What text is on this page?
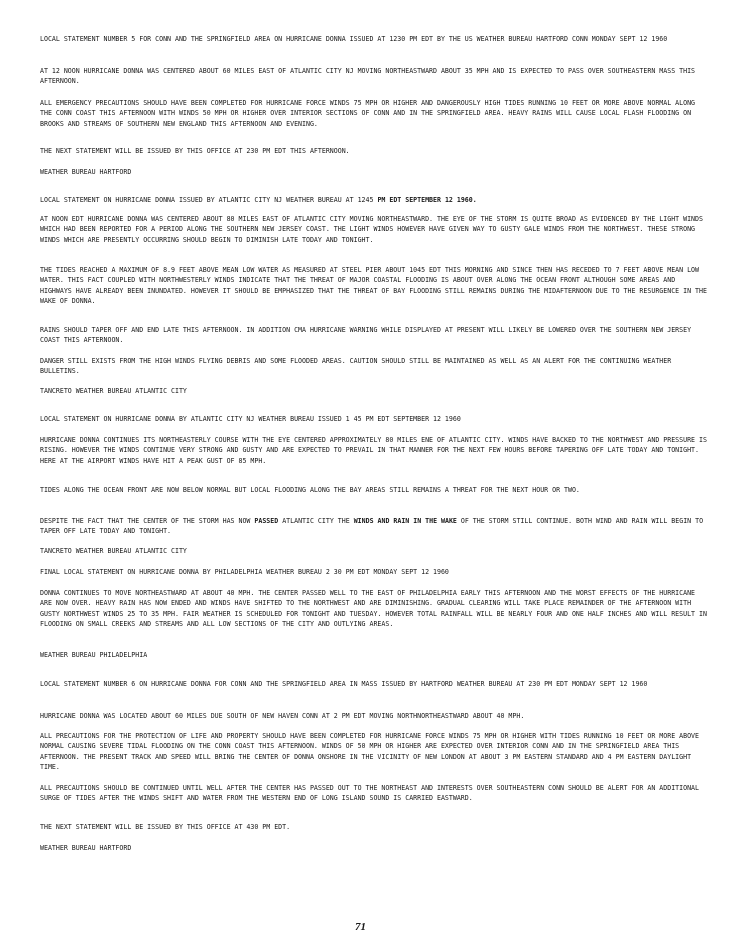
LOCAL STATEMENT NUMBER 5 FOR CONN AND THE SPRINGFIELD AREA ON HURRICANE DONNA ISSUED AT 1230 PM EDT BY THE US WEATHER BUREAU HARTFORD CONN MONDAY SEPT 12 1960

AT 12 NOON HURRICANE DONNA WAS CENTERED ABOUT 60 MILES EAST OF ATLANTIC CITY NJ MOVING NORTHEASTWARD ABOUT 35 MPH AND IS EXPECTED TO PASS OVER SOUTHEASTERN MASS THIS AFTERNOON.

ALL EMERGENCY PRECAUTIONS SHOULD HAVE BEEN COMPLETED FOR HURRICANE FORCE WINDS 75 MPH OR HIGHER AND DANGEROUSLY HIGH TIDES RUNNING 10 FEET OR MORE ABOVE NORMAL ALONG THE CONN COAST THIS AFTERNOON WITH WINDS 50 MPH OR HIGHER OVER INTERIOR SECTIONS OF CONN AND IN THE SPRINGFIELD AREA. HEAVY RAINS WILL CAUSE LOCAL FLASH FLOODING ON BROOKS AND STREAMS OF SOUTHERN NEW ENGLAND THIS AFTERNOON AND EVENING.

THE NEXT STATEMENT WILL BE ISSUED BY THIS OFFICE AT 230 PM EDT THIS AFTERNOON.

WEATHER BUREAU HARTFORD

LOCAL STATEMENT ON HURRICANE DONNA ISSUED BY ATLANTIC CITY NJ WEATHER BUREAU AT 1245 PM EDT SEPTEMBER 12 1960.

AT NOON EDT HURRICANE DONNA WAS CENTERED ABOUT 80 MILES EAST OF ATLANTIC CITY MOVING NORTHEASTWARD. THE EYE OF THE STORM IS QUITE BROAD AS EVIDENCED BY THE LIGHT WINDS WHICH HAD BEEN REPORTED FOR A PERIOD ALONG THE SOUTHERN NEW JERSEY COAST. THE LIGHT WINDS HOWEVER HAVE GIVEN WAY TO GUSTY GALE WINDS FROM THE NORTHWEST. THESE STRONG WINDS WHICH ARE PRESENTLY OCCURRING SHOULD BEGIN TO DIMINISH LATE TODAY AND TONIGHT.

THE TIDES REACHED A MAXIMUM OF 8.9 FEET ABOVE MEAN LOW WATER AS MEASURED AT STEEL PIER ABOUT 1045 EDT THIS MORNING AND SINCE THEN HAS RECEDED TO 7 FEET ABOVE MEAN LOW WATER. THIS FACT COUPLED WITH NORTHWESTERLY WINDS INDICATE THAT THE THREAT OF MAJOR COASTAL FLOODING IS ABOUT OVER ALONG THE OCEAN FRONT ALTHOUGH SOME AREAS AND HIGHWAYS HAVE ALREADY BEEN INUNDATED. HOWEVER IT SHOULD BE EMPHASIZED THAT THE THREAT OF BAY FLOODING STILL REMAINS DURING THE MIDAFTERNOON DUE TO THE RESURGENCE IN THE WAKE OF DONNA.

RAINS SHOULD TAPER OFF AND END LATE THIS AFTERNOON. IN ADDITION CMA HURRICANE WARNING WHILE DISPLAYED AT PRESENT WILL LIKELY BE LOWERED OVER THE SOUTHERN NEW JERSEY COAST THIS AFTERNOON.

DANGER STILL EXISTS FROM THE HIGH WINDS FLYING DEBRIS AND SOME FLOODED AREAS. CAUTION SHOULD STILL BE MAINTAINED AS WELL AS AN ALERT FOR THE CONTINUING WEATHER BULLETINS.

TANCRETO WEATHER BUREAU ATLANTIC CITY

LOCAL STATEMENT ON HURRICANE DONNA BY ATLANTIC CITY NJ WEATHER BUREAU ISSUED 1 45 PM EDT SEPTEMBER 12 1960

HURRICANE DONNA CONTINUES ITS NORTHEASTERLY COURSE WITH THE EYE CENTERED APPROXIMATELY 80 MILES ENE OF ATLANTIC CITY. WINDS HAVE BACKED TO THE NORTHWEST AND PRESSURE IS RISING. HOWEVER THE WINDS CONTINUE VERY STRONG AND GUSTY AND ARE EXPECTED TO PREVAIL IN THAT MANNER FOR THE NEXT FEW HOURS BEFORE TAPERING OFF LATE TODAY AND TONIGHT. HERE AT THE AIRPORT WINDS HAVE HIT A PEAK GUST OF 85 MPH.

TIDES ALONG THE OCEAN FRONT ARE NOW BELOW NORMAL BUT LOCAL FLOODING ALONG THE BAY AREAS STILL REMAINS A THREAT FOR THE NEXT HOUR OR TWO.

DESPITE THE FACT THAT THE CENTER OF THE STORM HAS NOW PASSED ATLANTIC CITY THE WINDS AND RAIN IN THE WAKE OF THE STORM STILL CONTINUE. BOTH WIND AND RAIN WILL BEGIN TO TAPER OFF LATE TODAY AND TONIGHT.

TANCRETO WEATHER BUREAU ATLANTIC CITY

FINAL LOCAL STATEMENT ON HURRICANE DONNA BY PHILADELPHIA WEATHER BUREAU 2 30 PM EDT MONDAY SEPT 12 1960

DONNA CONTINUES TO MOVE NORTHEASTWARD AT ABOUT 40 MPH. THE CENTER PASSED WELL TO THE EAST OF PHILADELPHIA EARLY THIS AFTERNOON AND THE WORST EFFECTS OF THE HURRICANE ARE NOW OVER. HEAVY RAIN HAS NOW ENDED AND WINDS HAVE SHIFTED TO THE NORTHWEST AND ARE DIMINISHING. GRADUAL CLEARING WILL TAKE PLACE REMAINDER OF THE AFTERNOON WITH GUSTY NORTHWEST WINDS 25 TO 35 MPH. FAIR WEATHER IS SCHEDULED FOR TONIGHT AND TUESDAY. HOWEVER TOTAL RAINFALL WILL BE NEARLY FOUR AND ONE HALF INCHES AND WILL RESULT IN FLOODING ON SMALL CREEKS AND STREAMS AND ALL LOW SECTIONS OF THE CITY AND OUTLYING AREAS.

WEATHER BUREAU PHILADELPHIA

LOCAL STATEMENT NUMBER 6 ON HURRICANE DONNA FOR CONN AND THE SPRINGFIELD AREA IN MASS ISSUED BY HARTFORD WEATHER BUREAU AT 230 PM EDT MONDAY SEPT 12 1960

HURRICANE DONNA WAS LOCATED ABOUT 60 MILES DUE SOUTH OF NEW HAVEN CONN AT 2 PM EDT MOVING NORTHNORTHEASTWARD ABOUT 40 MPH.

ALL PRECAUTIONS FOR THE PROTECTION OF LIFE AND PROPERTY SHOULD HAVE BEEN COMPLETED FOR HURRICANE FORCE WINDS 75 MPH OR HIGHER WITH TIDES RUNNING 10 FEET OR MORE ABOVE NORMAL CAUSING SEVERE TIDAL FLOODING ON THE CONN COAST THIS AFTERNOON. WINDS OF 50 MPH OR HIGHER ARE EXPECTED OVER INTERIOR CONN AND IN THE SPRINGFIELD AREA THIS AFTERNOON. THE PRESENT TRACK AND SPEED WILL BRING THE CENTER OF DONNA ONSHORE IN THE VICINITY OF NEW LONDON AT ABOUT 3 PM EASTERN STANDARD AND 4 PM EASTERN DAYLIGHT TIME.

ALL PRECAUTIONS SHOULD BE CONTINUED UNTIL WELL AFTER THE CENTER HAS PASSED OUT TO THE NORTHEAST AND INTERESTS OVER SOUTHEASTERN CONN SHOULD BE ALERT FOR AN ADDITIONAL SURGE OF TIDES AFTER THE WINDS SHIFT AND WATER FROM THE WESTERN END OF LONG ISLAND SOUND IS CARRIED EASTWARD.

THE NEXT STATEMENT WILL BE ISSUED BY THIS OFFICE AT 430 PM EDT.

WEATHER BUREAU HARTFORD

71
